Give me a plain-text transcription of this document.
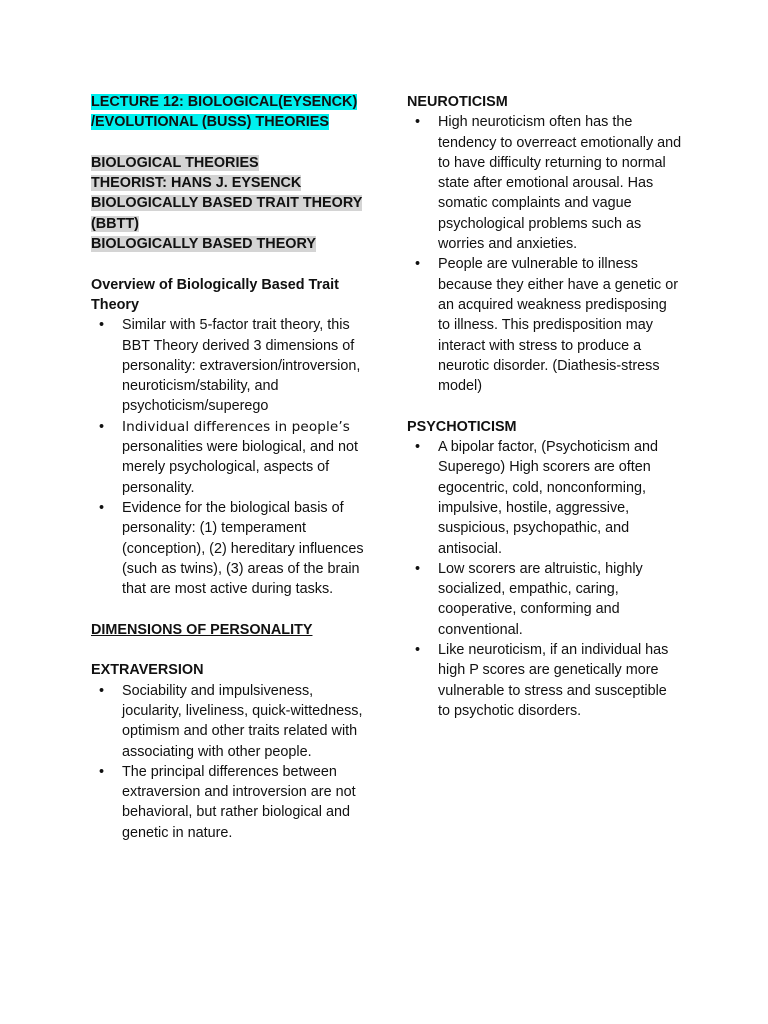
LECTURE 12: BIOLOGICAL(EYSENCK)
/EVOLUTIONAL (BUSS) THEORIES
BIOLOGICAL THEORIES
THEORIST: HANS J. EYSENCK
BIOLOGICALLY BASED TRAIT THEORY
(BBTT)
BIOLOGICALLY BASED THEORY
Overview of Biologically Based Trait Theory
• Similar with 5-factor trait theory, this BBT Theory derived 3 dimensions of personality: extraversion/introversion, neuroticism/stability, and psychoticism/superego
• Individual differences in people’s
personalities were biological, and not merely psychological, aspects of personality.
• Evidence for the biological basis of personality: (1) temperament (conception), (2) hereditary influences (such as twins), (3) areas of the brain that are most active during tasks.
DIMENSIONS OF PERSONALITY
EXTRAVERSION
• Sociability and impulsiveness, jocularity, liveliness, quick-wittedness, optimism and other traits related with associating with other people.
• The principal differences between extraversion and introversion are not behavioral, but rather biological and genetic in nature.
NEUROTICISM
• High neuroticism often has the tendency to overreact emotionally and to have difficulty returning to normal state after emotional arousal. Has somatic complaints and vague psychological problems such as worries and anxieties.
• People are vulnerable to illness because they either have a genetic or an acquired weakness predisposing to illness. This predisposition may interact with stress to produce a neurotic disorder. (Diathesis-stress model)
PSYCHOTICISM
• A bipolar factor, (Psychoticism and Superego) High scorers are often egocentric, cold, nonconforming, impulsive, hostile, aggressive, suspicious, psychopathic, and antisocial.
• Low scorers are altruistic, highly socialized, empathic, caring, cooperative, conforming and conventional.
• Like neuroticism, if an individual has high P scores are genetically more vulnerable to stress and susceptible to psychotic disorders.
